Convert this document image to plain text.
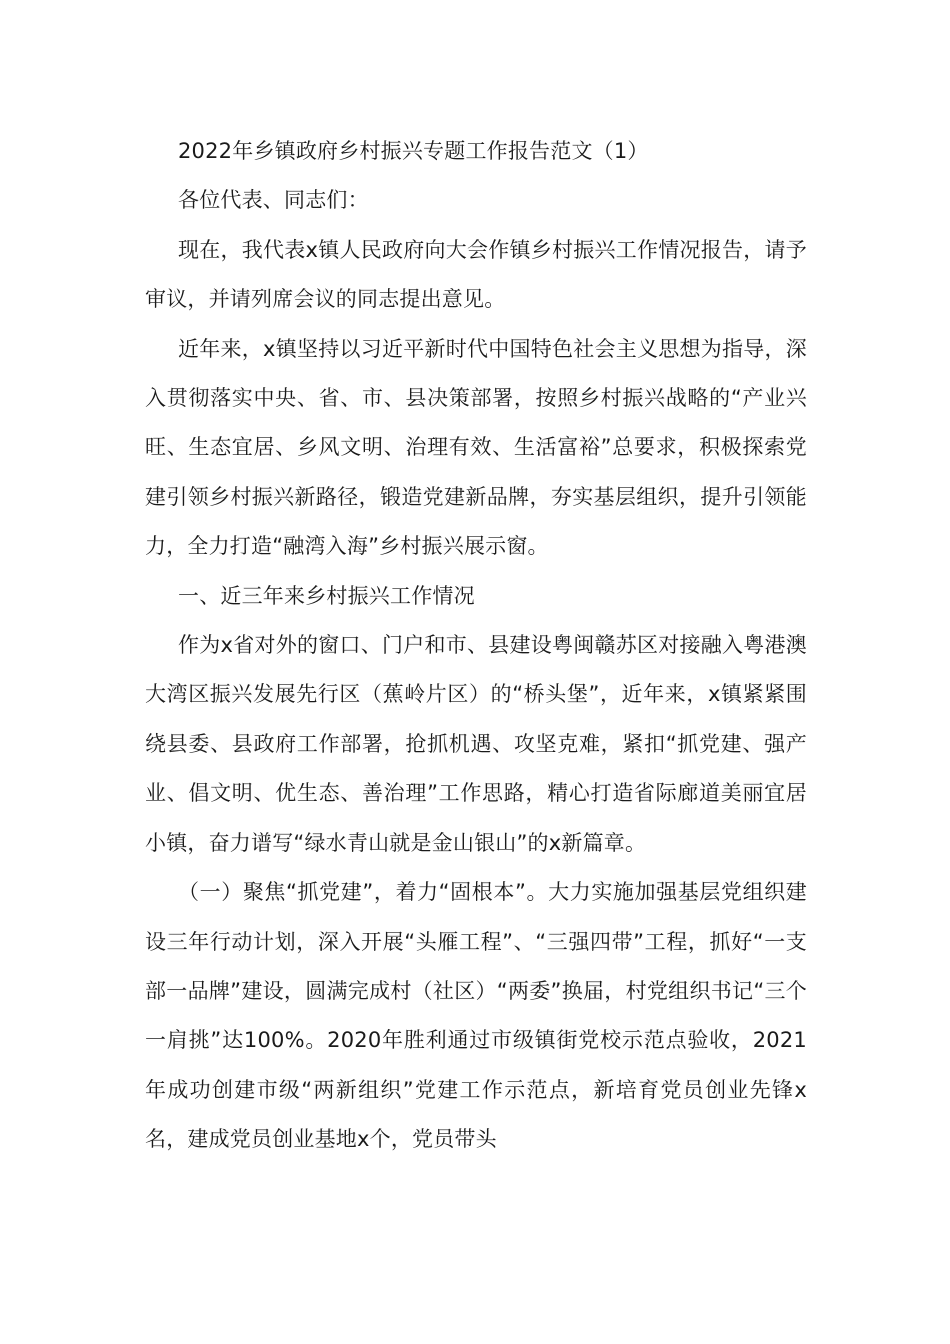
2022年乡镇政府乡村振兴专题工作报告范文（1）

各位代表、同志们：

现在，我代表x镇人民政府向大会作镇乡村振兴工作情况报告，请予审议，并请列席会议的同志提出意见。

近年来，x镇坚持以习近平新时代中国特色社会主义思想为指导，深入贯彻落实中央、省、市、县决策部署，按照乡村振兴战略的“产业兴旺、生态宜居、乡风文明、治理有效、生活富裕”总要求，积极探索党建引领乡村振兴新路径，锻造党建新品牌，夯实基层组织，提升引领能力，全力打造“融湾入海”乡村振兴展示窗。

一、近三年来乡村振兴工作情况

作为x省对外的窗口、门户和市、县建设粤闽赣苏区对接融入粤港澳大湾区振兴发展先行区（蕉岭片区）的“桥头堡”，近年来，x镇紧紧围绕县委、县政府工作部署，抢抓机遇、攻坚克难，紧扣“抓党建、强产业、倡文明、优生态、善治理”工作思路，精心打造省际廊道美丽宜居小镇，奋力谱写“绿水青山就是金山银山”的x新篇章。

（一）聚焦“抓党建”，着力“固根本”。大力实施加强基层党组织建设三年行动计划，深入开展“头雁工程”、“三强四带”工程，抓好“一支部一品牌”建设，圆满完成村（社区）“两委”换届，村党组织书记“三个一肩挑”达100%。2020年胜利通过市级镇街党校示范点验收，2021年成功创建市级“两新组织”党建工作示范点，新培育党员创业先锋x名，建成党员创业基地x个，党员带头
